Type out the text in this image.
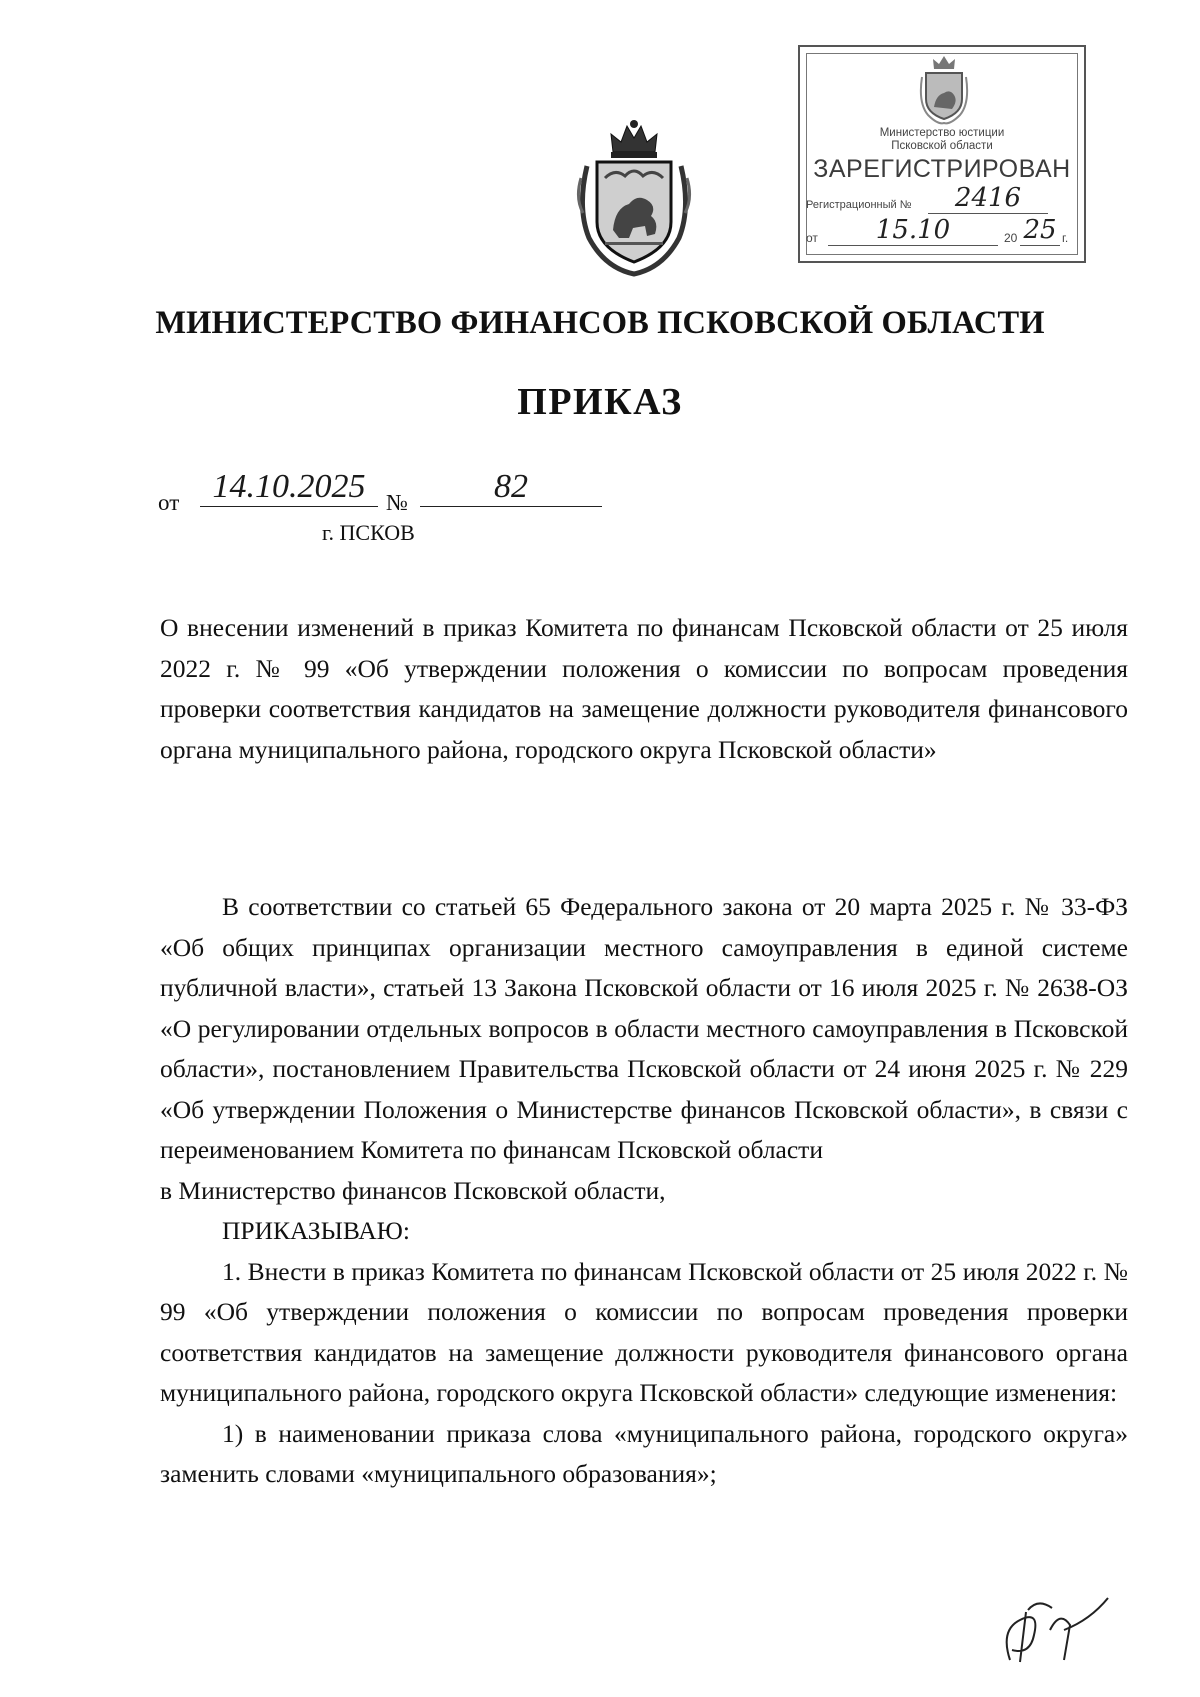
Министерство юстиции
Псковской области
ЗАРЕГИСТРИРОВАН
Регистрационный №	2416
от	15.10	20 25 г.
МИНИСТЕРСТВО ФИНАНСОВ ПСКОВСКОЙ ОБЛАСТИ
ПРИКАЗ
от 14.10.2025 №	82
г. ПСКОВ

О внесении изменений в приказ Комитета по финансам Псковской области от 25 июля 2022 г. № 99 «Об утверждении положения о комиссии по вопросам проведения проверки соответствия кандидатов на замещение должности руководителя финансового органа муниципального района, городского округа Псковской области»

В соответствии со статьей 65 Федерального закона от 20 марта 2025 г. № 33-ФЗ «Об общих принципах организации местного самоуправления в единой системе публичной власти», статьей 13 Закона Псковской области от 16 июля 2025 г. № 2638-ОЗ «О регулировании отдельных вопросов в области местного самоуправления в Псковской области», постановлением Правительства Псковской области от 24 июня 2025 г. № 229 «Об утверждении Положения о Министерстве финансов Псковской области», в связи с переименованием Комитета по финансам Псковской области

в Министерство финансов Псковской области,

ПРИКАЗЫВАЮ:

1. Внести в приказ Комитета по финансам Псковской области от 25 июля 2022 г. № 99 «Об утверждении положения о комиссии по вопросам проведения проверки соответствия кандидатов на замещение должности руководителя финансового органа муниципального района, городского округа Псковской области» следующие изменения:

1) в наименовании приказа слова «муниципального района, городского округа» заменить словами «муниципального образования»;
